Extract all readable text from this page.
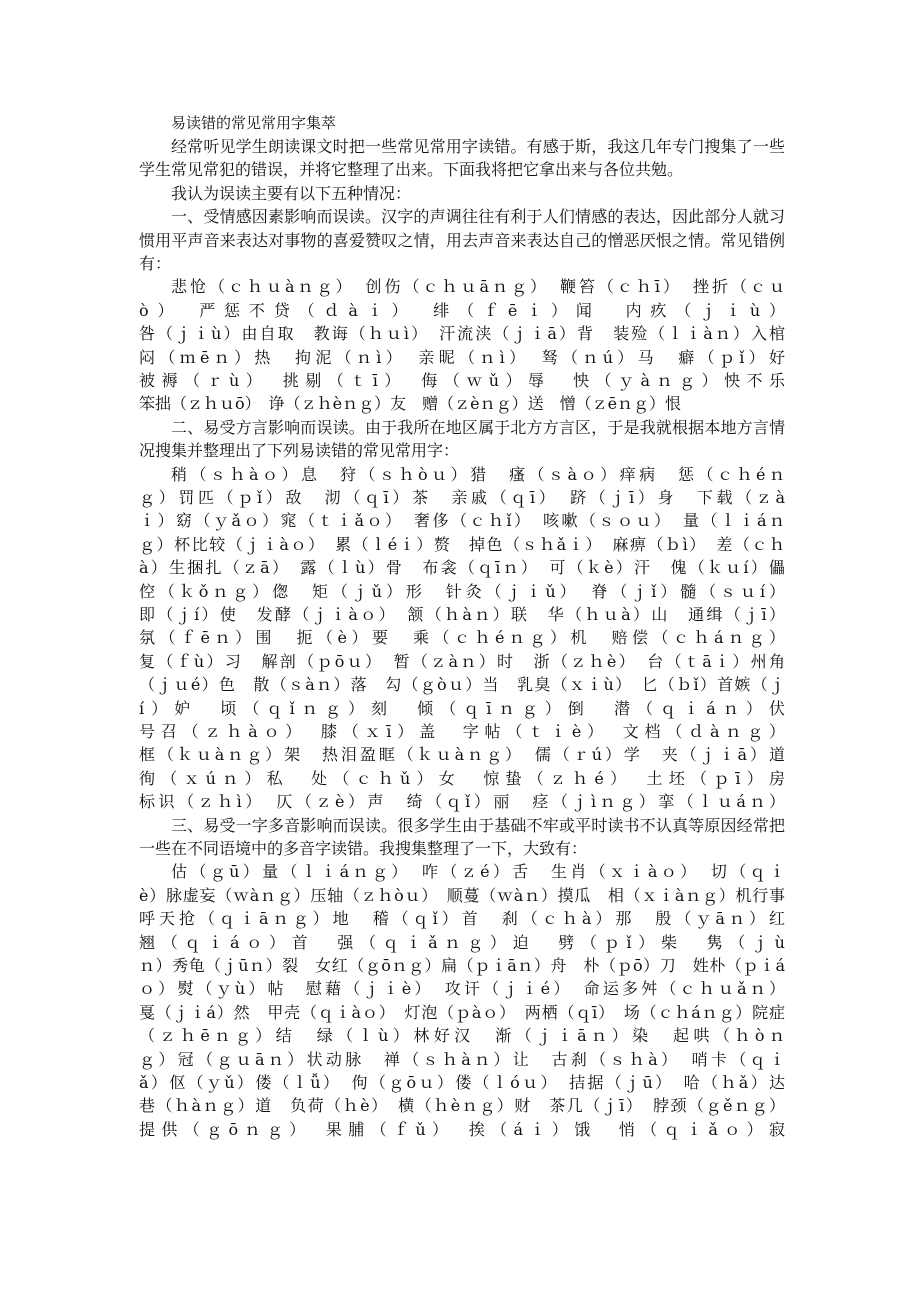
易读错的常见常用字集萃

经常听见学生朗读课文时把一些常见常用字读错。有感于斯，我这几年专门搜集了一些

学生常见常犯的错误，并将它整理了出来。下面我将把它拿出来与各位共勉。

我认为误读主要有以下五种情况：

一、受情感因素影响而误读。汉字的声调往往有利于人们情感的表达，因此部分人就习

惯用平声音来表达对事物的喜爱赞叹之情，用去声音来表达自己的憎恶厌恨之情。常见错例

有：

悲怆（ｃｈｕàｎｇ）　创伤（ｃｈｕāｎｇ）　鞭笞（ｃｈī）　挫折（ｃｕ

ò）　严惩不贷（ｄàｉ）　绯（ｆēｉ）闻　内疚（ｊｉù）

咎（ｊｉù）由自取　教诲（ｈｕì）　汗流浃（ｊｉā）背　装殓（ｌｉàｎ）入棺

闷（ｍēｎ）热　拘泥（ｎì）　亲昵（ｎì）　驽（ｎú）马　癖（ｐǐ）好

被褥（ｒù）　挑剔（ｔī）　侮（ｗǔ）辱　怏（ｙàｎｇ）怏不乐

笨拙（ｚｈｕō）　诤（ｚｈèｎｇ）友　赠（ｚèｎｇ）送　憎（ｚēｎｇ）恨

二、易受方言影响而误读。由于我所在地区属于北方方言区，于是我就根据本地方言情

况搜集并整理出了下列易读错的常见常用字：

稍（ｓｈàｏ）息　狩（ｓｈòｕ）猎　瘙（ｓàｏ）痒病　惩（ｃｈéｎ

ｇ）罚匹（ｐǐ）敌　沏（ｑī）茶　亲戚（ｑī）　跻（ｊī）身　下载（ｚà

ｉ）窈（ｙǎｏ）窕（ｔｉǎｏ）　奢侈（ｃｈǐ）　咳嗽（ｓｏｕ）　量（ｌｉáｎ

ｇ）杯比较（ｊｉàｏ）　累（ｌéｉ）赘　掉色（ｓｈǎｉ）　麻痹（ｂì）　差（ｃｈ

à）生捆扎（ｚā）　露（ｌù）骨　布衾（ｑīｎ）　可（ｋè）汗　傀（ｋｕí）儡

倥（ｋǒｎｇ）偬　矩（ｊǔ）形　针灸（ｊｉǔ）　脊（ｊǐ）髓（ｓｕí）

即（ｊí）使　发酵（ｊｉàｏ）　颔（ｈàｎ）联　华（ｈｕà）山　通缉（ｊī）

氛（ｆēｎ）围　扼（è）要　乘（ｃｈéｎｇ）机　赔偿（ｃｈáｎｇ）

复（ｆù）习　解剖（ｐōｕ）　暂（ｚàｎ）时　浙（ｚｈè）　台（ｔāｉ）州角

（ｊｕé）色　散（ｓàｎ）落　勾（ｇòｕ）当　乳臭（ｘｉù）　匕（ｂǐ）首嫉（ｊ

í）妒　顷（ｑǐｎｇ）刻　倾（ｑīｎｇ）倒　潜（ｑｉáｎ）伏

号召（ｚｈàｏ）　膝（ｘī）盖　字帖（ｔｉè）　文档（ｄàｎｇ）

框（ｋｕàｎｇ）架　热泪盈眶（ｋｕàｎｇ）　儒（ｒú）学　夹（ｊｉā）道

徇（ｘúｎ）私　处（ｃｈǔ）女　惊蛰（ｚｈé）　土坯（ｐī）房

标识（ｚｈì）　仄（ｚè）声　绮（ｑǐ）丽　痉（ｊìｎｇ）挛（ｌｕáｎ）

三、易受一字多音影响而误读。很多学生由于基础不牢或平时读书不认真等原因经常把

一些在不同语境中的多音字读错。我搜集整理了一下，大致有：

估（ｇū）量（ｌｉáｎｇ）　咋（ｚé）舌　生肖（ｘｉàｏ）　切（ｑｉ

è）脉虚妄（ｗàｎｇ）压轴（ｚｈòｕ）　顺蔓（ｗàｎ）摸瓜　相（ｘｉàｎｇ）机行事

呼天抢（ｑｉāｎｇ）地　稽（ｑǐ）首　刹（ｃｈà）那　殷（ｙāｎ）红

翘（ｑｉáｏ）首　强（ｑｉǎｎｇ）迫　劈（ｐǐ）柴　隽（ｊù

ｎ）秀龟（ｊūｎ）裂　女红（ｇōｎｇ）扁（ｐｉāｎ）舟　朴（ｐō）刀　姓朴（ｐｉá

ｏ）熨（ｙù）帖　慰藉（ｊｉè）　攻讦（ｊｉé）　命运多舛（ｃｈｕǎｎ）

戛（ｊｉá）然　甲壳（ｑｉàｏ）　灯泡（ｐàｏ）　两栖（ｑī）　场（ｃｈáｎｇ）院症

（ｚｈēｎｇ）结　绿（ｌù）林好汉　渐（ｊｉāｎ）染　起哄（ｈòｎ

ｇ）冠（ｇｕāｎ）状动脉　禅（ｓｈàｎ）让　古刹（ｓｈà）　哨卡（ｑｉ

ǎ）伛（ｙǔ）偻（ｌǚ）　佝（ｇōｕ）偻（ｌóｕ）　拮据（ｊū）　哈（ｈǎ）达

巷（ｈàｎｇ）道　负荷（ｈè）　横（ｈèｎｇ）财　茶几（ｊī）　脖颈（ｇěｎｇ）

提供（ｇōｎｇ）　果脯（ｆǔ）　挨（áｉ）饿　悄（ｑｉǎｏ）寂
